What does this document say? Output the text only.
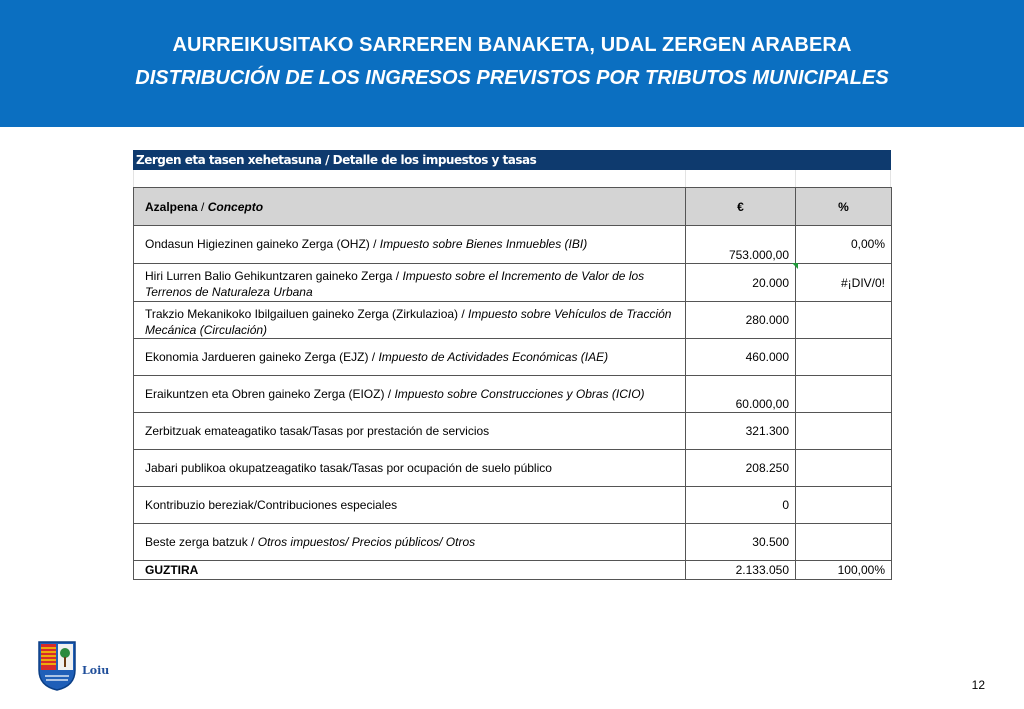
AURREIKUSITAKO SARREREN BANAKETA, UDAL ZERGEN ARABERA
DISTRIBUCIÓN DE LOS INGRESOS PREVISTOS POR TRIBUTOS MUNICIPALES
Zergen eta tasen xehetasuna / Detalle de los impuestos y tasas
Azalpena / Concepto	€	%
Ondasun Higiezinen gaineko Zerga (OHZ) / Impuesto sobre Bienes Inmuebles (IBI)	753.000,00	0,00%
Hiri Lurren Balio Gehikuntzaren gaineko Zerga / Impuesto sobre el Incremento de Valor de los Terrenos de Naturaleza Urbana	20.000	#¡DIV/0!
Trakzio Mekanikoko Ibilgailuen gaineko Zerga (Zirkulazioa) / Impuesto sobre Vehículos de Tracción Mecánica (Circulación)	280.000	
Ekonomia Jardueren gaineko Zerga (EJZ) / Impuesto de Actividades Económicas (IAE)	460.000	
Eraikuntzen eta Obren gaineko Zerga (EIOZ) / Impuesto sobre Construcciones y Obras (ICIO)	60.000,00	
Zerbitzuak emateagatiko tasak/Tasas por prestación de servicios	321.300	
Jabari publikoa okupatzeagatiko tasak/Tasas por ocupación de suelo público	208.250	
Kontribuzio bereziak/Contribuciones especiales	0	
Beste zerga batzuk / Otros impuestos/ Precios públicos/ Otros	30.500	
GUZTIRA	2.133.050	100,00%
Loiu
12
